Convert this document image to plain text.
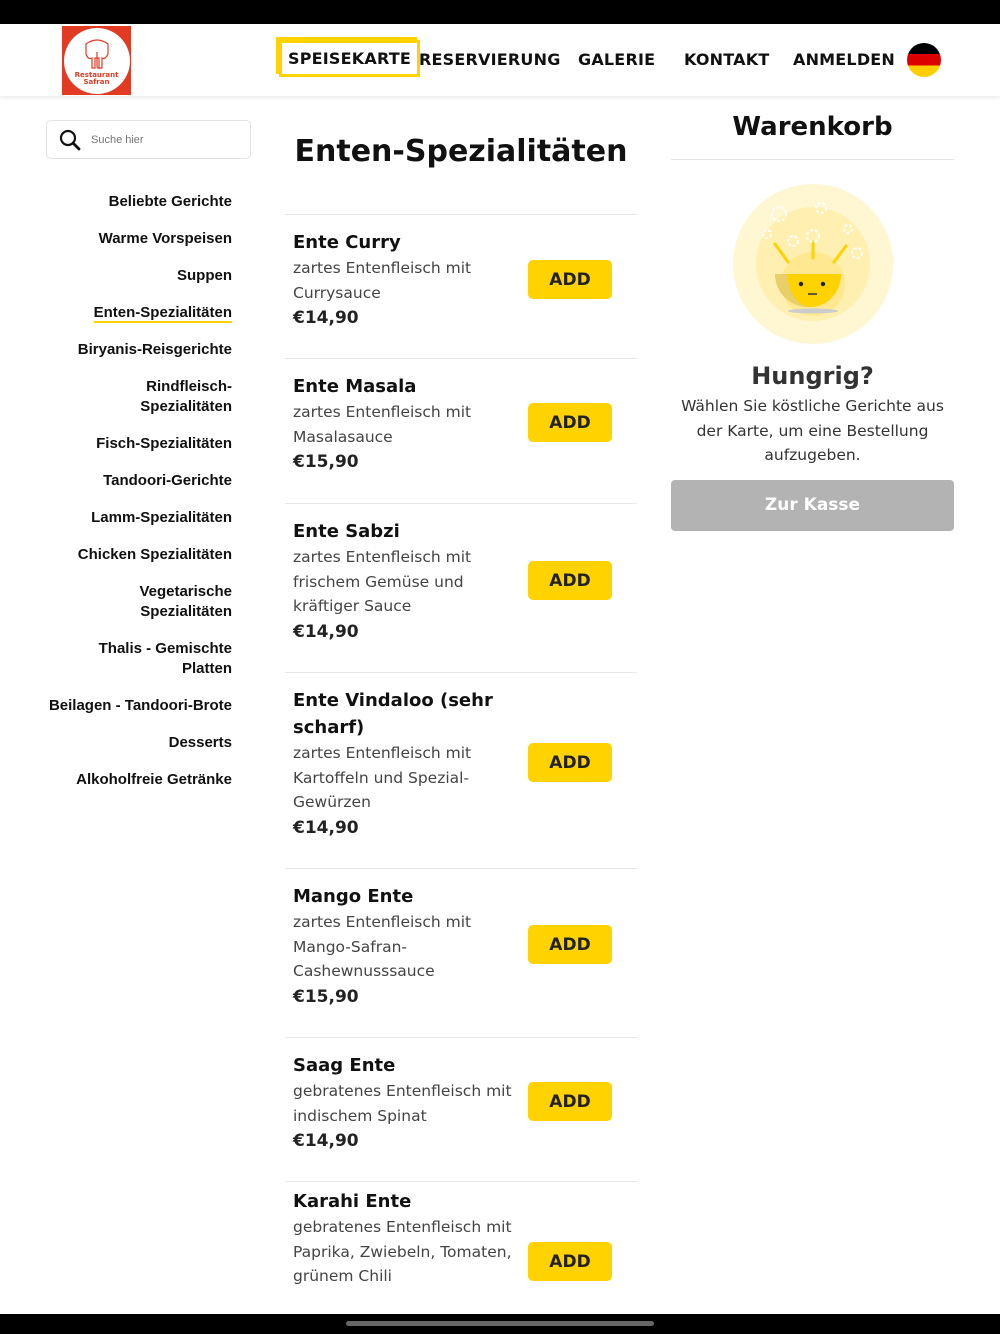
Restaurant
Safran
SPEISEKARTE RESERVIERUNG GALERIE KONTAKT ANMELDEN
Suche hier
Beliebte Gerichte
Warme Vorspeisen
Suppen
Enten-Spezialitäten
Biryanis-Reisgerichte
Rindfleisch-Spezialitäten
Fisch-Spezialitäten
Tandoori-Gerichte
Lamm-Spezialitäten
Chicken Spezialitäten
Vegetarische Spezialitäten
Thalis - Gemischte Platten
Beilagen - Tandoori-Brote
Desserts
Alkoholfreie Getränke
Enten-Spezialitäten
Ente Curry
zartes Entenfleisch mit Currysauce
€14,90
ADD
Ente Masala
zartes Entenfleisch mit Masalasauce
€15,90
ADD
Ente Sabzi
zartes Entenfleisch mit frischem Gemüse und kräftiger Sauce
€14,90
ADD
Ente Vindaloo (sehr scharf)
zartes Entenfleisch mit Kartoffeln und Spezial-Gewürzen
€14,90
ADD
Mango Ente
zartes Entenfleisch mit Mango-Safran-Cashewnusssauce
€15,90
ADD
Saag Ente
gebratenes Entenfleisch mit indischem Spinat
€14,90
ADD
Karahi Ente
gebratenes Entenfleisch mit Paprika, Zwiebeln, Tomaten, grünem Chili
ADD
Warenkorb
Hungrig?
Wählen Sie köstliche Gerichte aus der Karte, um eine Bestellung aufzugeben.
Zur Kasse
